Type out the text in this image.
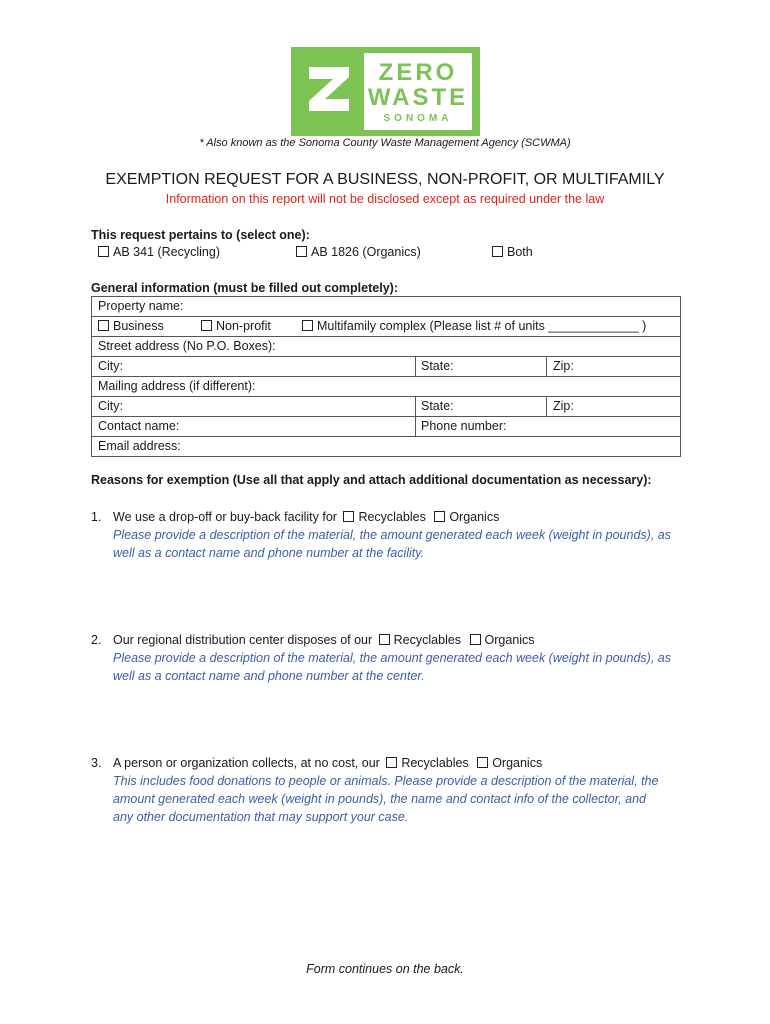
ZERO
WASTE
SONOMA
* Also known as the Sonoma County Waste Management Agency (SCWMA)
EXEMPTION REQUEST FOR A BUSINESS, NON-PROFIT, OR MULTIFAMILY
Information on this report will not be disclosed except as required under the law
This request pertains to (select one):
AB 341 (Recycling)	AB 1826 (Organics)	Both
General information (must be filled out completely):
Property name:
Business	Non-profit	Multifamily complex (Please list # of units _____________ )
Street address (No P.O. Boxes):
City:	State:	Zip:
Mailing address (if different):
City:	State:	Zip:
Contact name:	Phone number:
Email address:
Reasons for exemption (Use all that apply and attach additional documentation as necessary):
1. We use a drop-off or buy-back facility for Recyclables Organics
Please provide a description of the material, the amount generated each week (weight in pounds), as
well as a contact name and phone number at the facility.
2. Our regional distribution center disposes of our Recyclables Organics
Please provide a description of the material, the amount generated each week (weight in pounds), as
well as a contact name and phone number at the center.
3. A person or organization collects, at no cost, our Recyclables Organics
This includes food donations to people or animals. Please provide a description of the material, the
amount generated each week (weight in pounds), the name and contact info of the collector, and
any other documentation that may support your case.
Form continues on the back.
